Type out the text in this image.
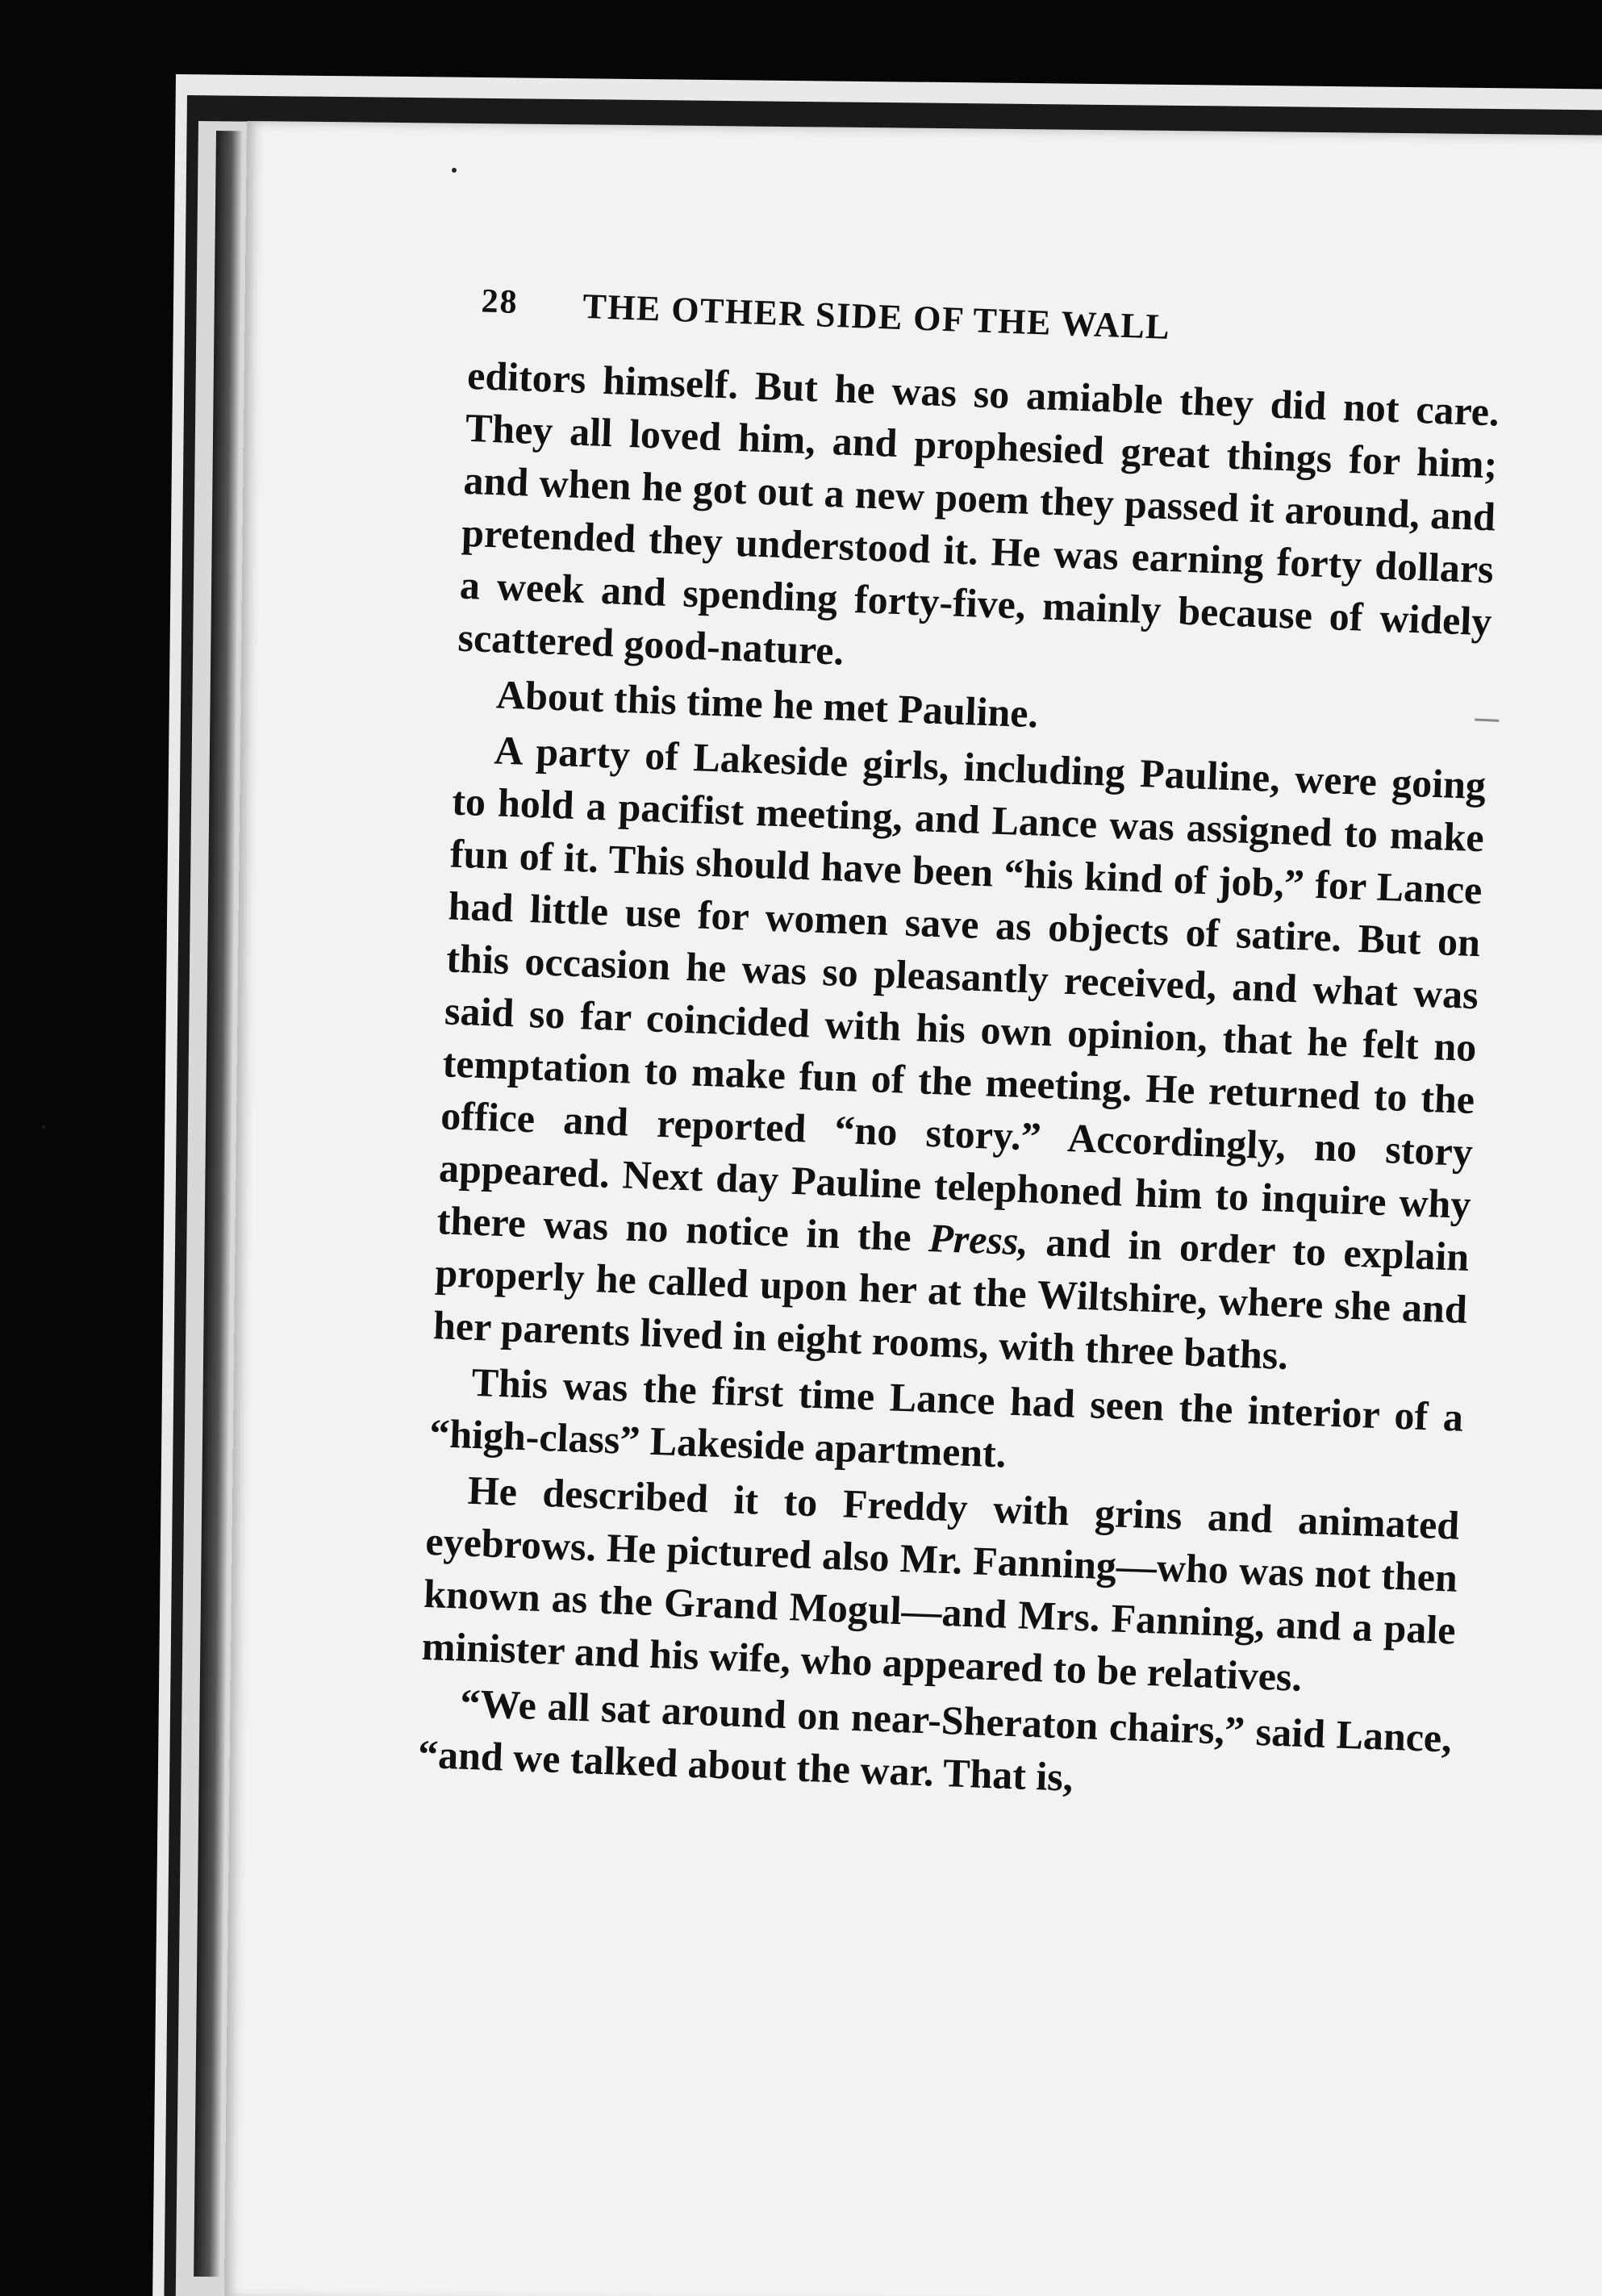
28 THE OTHER SIDE OF THE WALL

editors himself. But he was so amiable they did not care. They all loved him, and prophesied great things for him; and when he got out a new poem they passed it around, and pretended they understood it. He was earning forty dollars a week and spending forty-five, mainly because of widely scattered good-nature.

About this time he met Pauline.

A party of Lakeside girls, including Pauline, were going to hold a pacifist meeting, and Lance was assigned to make fun of it. This should have been “his kind of job,” for Lance had little use for women save as objects of satire. But on this occasion he was so pleasantly received, and what was said so far coincided with his own opinion, that he felt no temptation to make fun of the meeting. He returned to the office and reported “no story.” Accordingly, no story appeared. Next day Pauline telephoned him to inquire why there was no notice in the Press, and in order to explain properly he called upon her at the Wiltshire, where she and her parents lived in eight rooms, with three baths.

This was the first time Lance had seen the interior of a “high-class” Lakeside apartment.

He described it to Freddy with grins and animated eyebrows. He pictured also Mr. Fanning—who was not then known as the Grand Mogul—and Mrs. Fanning, and a pale minister and his wife, who appeared to be relatives.

“We all sat around on near-Sheraton chairs,” said Lance, “and we talked about the war. That is,
